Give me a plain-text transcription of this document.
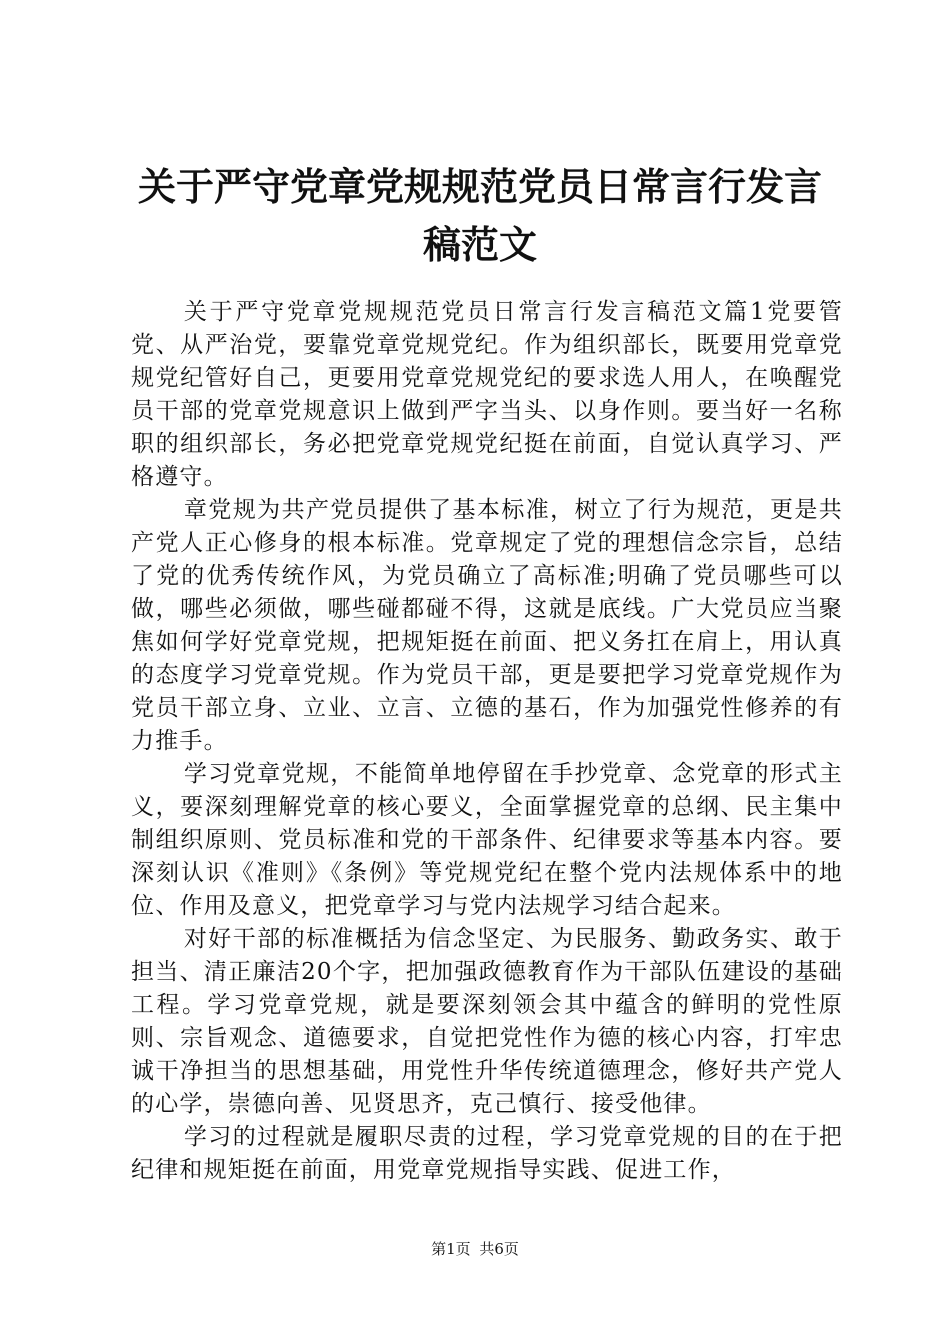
关于严守党章党规规范党员日常言行发言稿范文

关于严守党章党规规范党员日常言行发言稿范文篇1党要管党、从严治党，要靠党章党规党纪。作为组织部长，既要用党章党规党纪管好自己，更要用党章党规党纪的要求选人用人，在唤醒党员干部的党章党规意识上做到严字当头、以身作则。要当好一名称职的组织部长，务必把党章党规党纪挺在前面，自觉认真学习、严格遵守。

章党规为共产党员提供了基本标准，树立了行为规范，更是共产党人正心修身的根本标准。党章规定了党的理想信念宗旨，总结了党的优秀传统作风，为党员确立了高标准;明确了党员哪些可以做，哪些必须做，哪些碰都碰不得，这就是底线。广大党员应当聚焦如何学好党章党规，把规矩挺在前面、把义务扛在肩上，用认真的态度学习党章党规。作为党员干部，更是要把学习党章党规作为党员干部立身、立业、立言、立德的基石，作为加强党性修养的有力推手。

学习党章党规，不能简单地停留在手抄党章、念党章的形式主义，要深刻理解党章的核心要义，全面掌握党章的总纲、民主集中制组织原则、党员标准和党的干部条件、纪律要求等基本内容。要深刻认识《准则》《条例》等党规党纪在整个党内法规体系中的地位、作用及意义，把党章学习与党内法规学习结合起来。

对好干部的标准概括为信念坚定、为民服务、勤政务实、敢于担当、清正廉洁20个字，把加强政德教育作为干部队伍建设的基础工程。学习党章党规，就是要深刻领会其中蕴含的鲜明的党性原则、宗旨观念、道德要求，自觉把党性作为德的核心内容，打牢忠诚干净担当的思想基础，用党性升华传统道德理念，修好共产党人的心学，崇德向善、见贤思齐，克己慎行、接受他律。

学习的过程就是履职尽责的过程，学习党章党规的目的在于把纪律和规矩挺在前面，用党章党规指导实践、促进工作，

第1页 共6页
